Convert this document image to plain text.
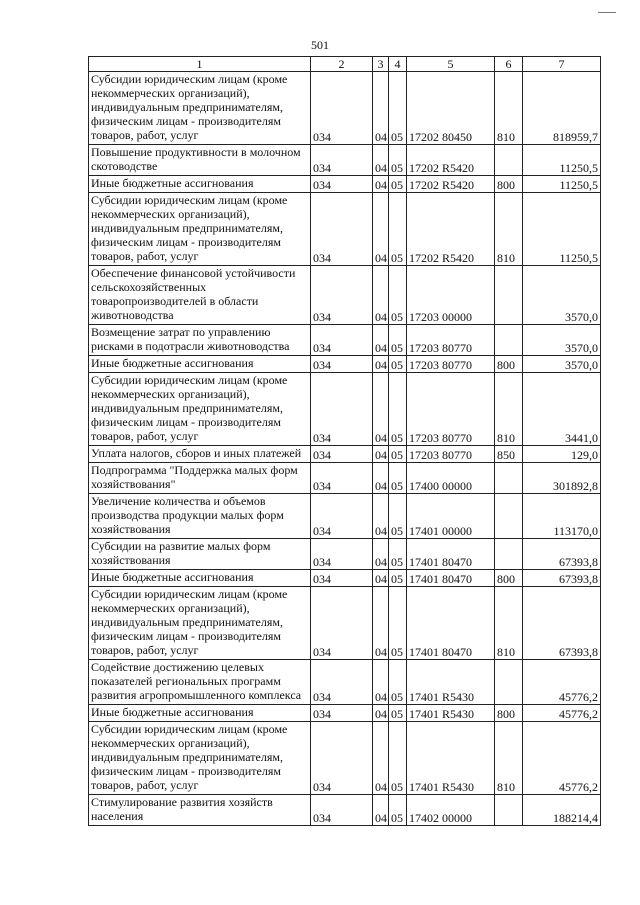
501
1	2	3	4	5	6	7
Субсидии юридическим лицам (кроме некоммерческих организаций), индивидуальным предпринимателям, физическим лицам - производителям товаров, работ, услуг	034	04	05	17202 80450	810	818959,7
Повышение продуктивности в молочном скотоводстве	034	04	05	17202 R5420		11250,5
Иные бюджетные ассигнования	034	04	05	17202 R5420	800	11250,5
Субсидии юридическим лицам (кроме некоммерческих организаций), индивидуальным предпринимателям, физическим лицам - производителям товаров, работ, услуг	034	04	05	17202 R5420	810	11250,5
Обеспечение финансовой устойчивости сельскохозяйственных товаропроизводителей в области животноводства	034	04	05	17203 00000		3570,0
Возмещение затрат по управлению рисками в подотрасли животноводства	034	04	05	17203 80770		3570,0
Иные бюджетные ассигнования	034	04	05	17203 80770	800	3570,0
Субсидии юридическим лицам (кроме некоммерческих организаций), индивидуальным предпринимателям, физическим лицам - производителям товаров, работ, услуг	034	04	05	17203 80770	810	3441,0
Уплата налогов, сборов и иных платежей	034	04	05	17203 80770	850	129,0
Подпрограмма "Поддержка малых форм хозяйствования"	034	04	05	17400 00000		301892,8
Увеличение количества и объемов производства продукции малых форм хозяйствования	034	04	05	17401 00000		113170,0
Субсидии на развитие малых форм хозяйствования	034	04	05	17401 80470		67393,8
Иные бюджетные ассигнования	034	04	05	17401 80470	800	67393,8
Субсидии юридическим лицам (кроме некоммерческих организаций), индивидуальным предпринимателям, физическим лицам - производителям товаров, работ, услуг	034	04	05	17401 80470	810	67393,8
Содействие достижению целевых показателей региональных программ развития агропромышленного комплекса	034	04	05	17401 R5430		45776,2
Иные бюджетные ассигнования	034	04	05	17401 R5430	800	45776,2
Субсидии юридическим лицам (кроме некоммерческих организаций), индивидуальным предпринимателям, физическим лицам - производителям товаров, работ, услуг	034	04	05	17401 R5430	810	45776,2
Стимулирование развития хозяйств населения	034	04	05	17402 00000		188214,4
